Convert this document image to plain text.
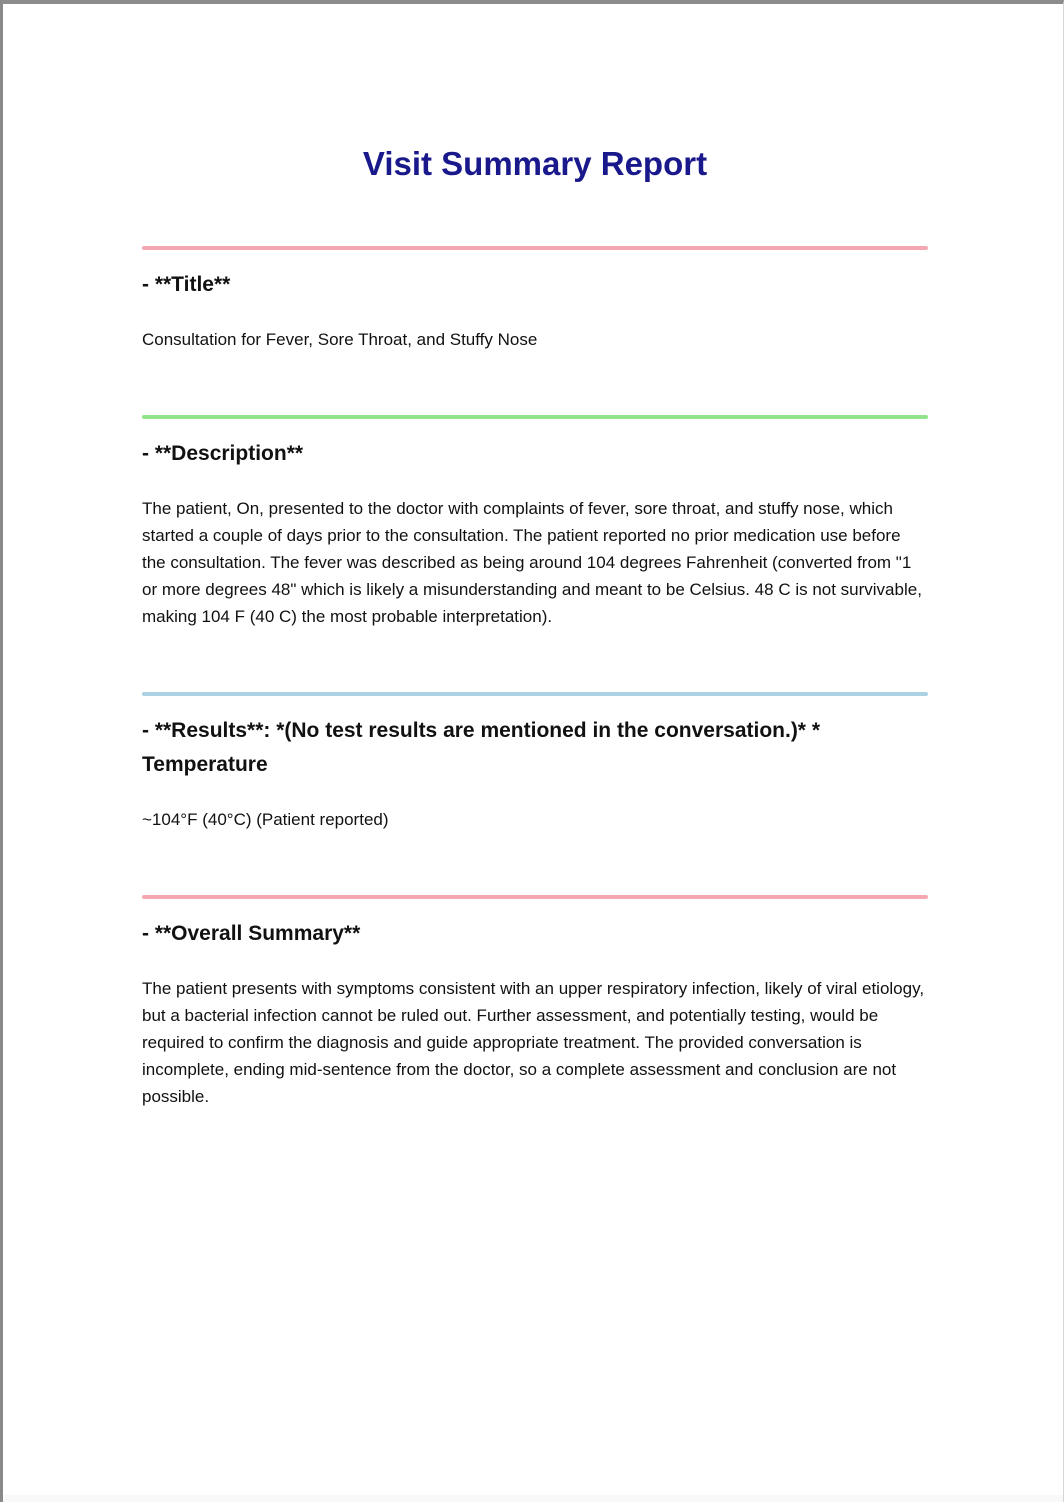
Visit Summary Report
- **Title**

Consultation for Fever, Sore Throat, and Stuffy Nose

- **Description**

The patient, On, presented to the doctor with complaints of fever, sore throat, and stuffy nose, which started a couple of days prior to the consultation. The patient reported no prior medication use before the consultation. The fever was described as being around 104 degrees Fahrenheit (converted from "1 or more degrees 48" which is likely a misunderstanding and meant to be Celsius. 48 C is not survivable, making 104 F (40 C) the most probable interpretation).

- **Results**: *(No test results are mentioned in the conversation.)* * Temperature

~104°F (40°C) (Patient reported)

- **Overall Summary**

The patient presents with symptoms consistent with an upper respiratory infection, likely of viral etiology, but a bacterial infection cannot be ruled out. Further assessment, and potentially testing, would be required to confirm the diagnosis and guide appropriate treatment. The provided conversation is incomplete, ending mid-sentence from the doctor, so a complete assessment and conclusion are not possible.
